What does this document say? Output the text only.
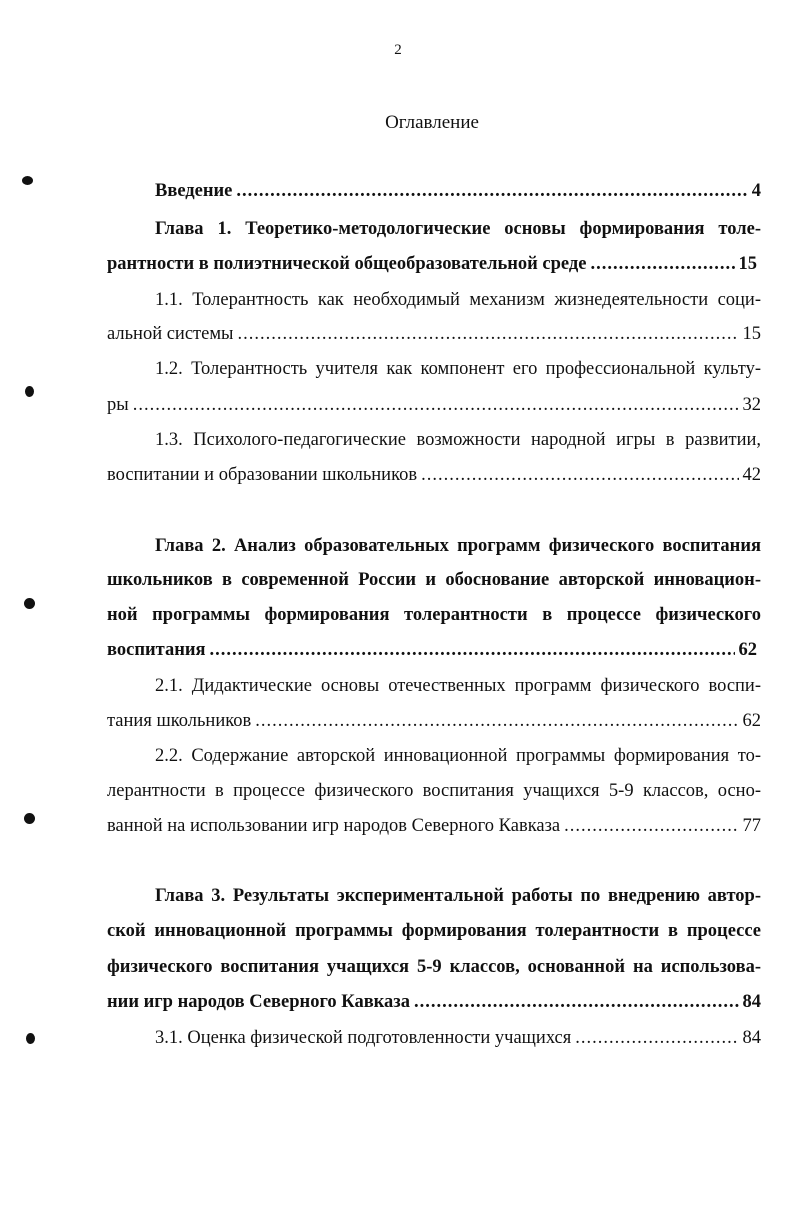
2
Оглавление
Введение .....	4
Глава 1. Теоретико-методологические основы формирования толе-
рантности в полиэтнической общеобразовательной среде .....	15
1.1. Толерантность как необходимый механизм жизнедеятельности соци-
альной системы .....	15
1.2. Толерантность учителя как компонент его профессиональной культу-
ры .....	32
1.3. Психолого-педагогические возможности народной игры в развитии,
воспитании и образовании школьников .....	42
Глава 2. Анализ образовательных программ физического воспитания
школьников в современной России и обоснование авторской инновацион-
ной программы формирования толерантности в процессе физического
воспитания .....	62
2.1. Дидактические основы отечественных программ физического воспи-
тания школьников .....	62
2.2. Содержание авторской инновационной программы формирования то-
лерантности в процессе физического воспитания учащихся 5-9 классов, осно-
ванной на использовании игр народов Северного Кавказа .....	77
Глава 3. Результаты экспериментальной работы по внедрению автор-
ской инновационной программы формирования толерантности в процессе
физического воспитания учащихся 5-9 классов, основанной на использова-
нии игр народов Северного Кавказа .....	84
3.1. Оценка физической подготовленности учащихся .....	84
